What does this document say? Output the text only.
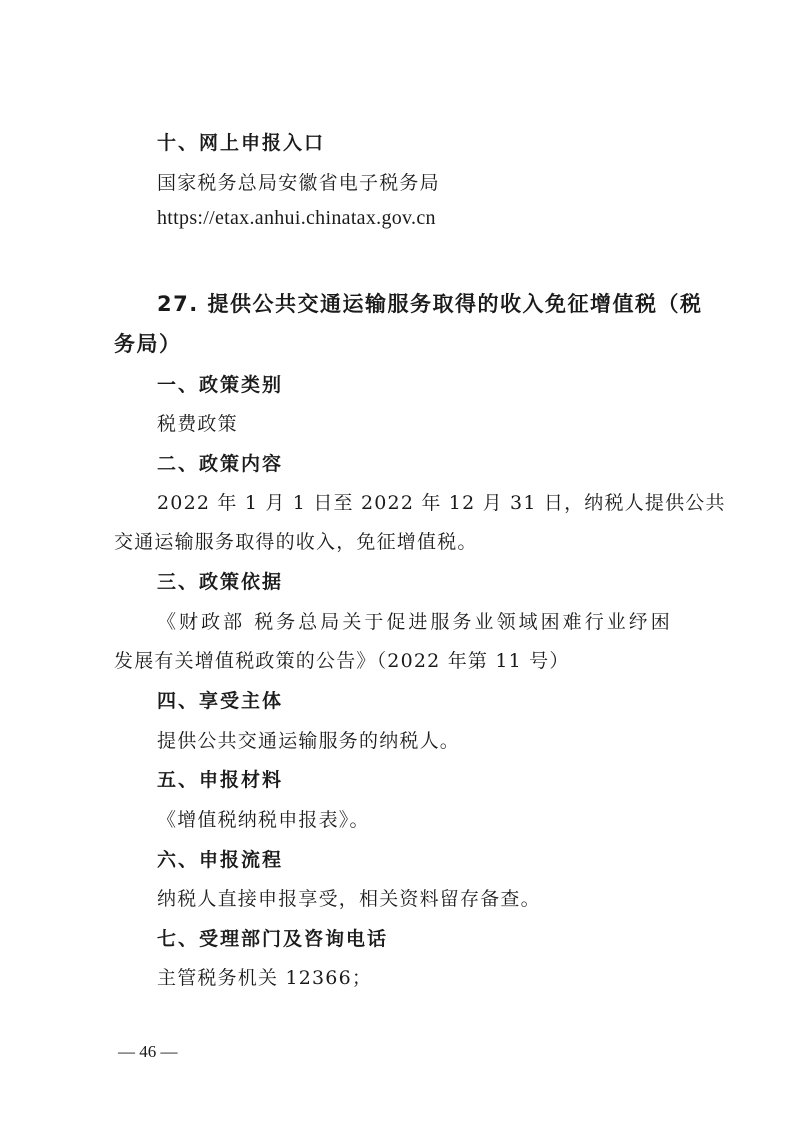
十、网上申报入口
国家税务总局安徽省电子税务局
https://etax.anhui.chinatax.gov.cn
27. 提供公共交通运输服务取得的收入免征增值税（税
务局）
一、政策类别
税费政策
二、政策内容
2022 年 1 月 1 日至 2022 年 12 月 31 日，纳税人提供公共
交通运输服务取得的收入，免征增值税。
三、政策依据
《财政部 税务总局关于促进服务业领域困难行业纾困
发展有关增值税政策的公告》（2022 年第 11 号）
四、享受主体
提供公共交通运输服务的纳税人。
五、申报材料
《增值税纳税申报表》。
六、申报流程
纳税人直接申报享受，相关资料留存备查。
七、受理部门及咨询电话
主管税务机关 12366；
— 46 —
